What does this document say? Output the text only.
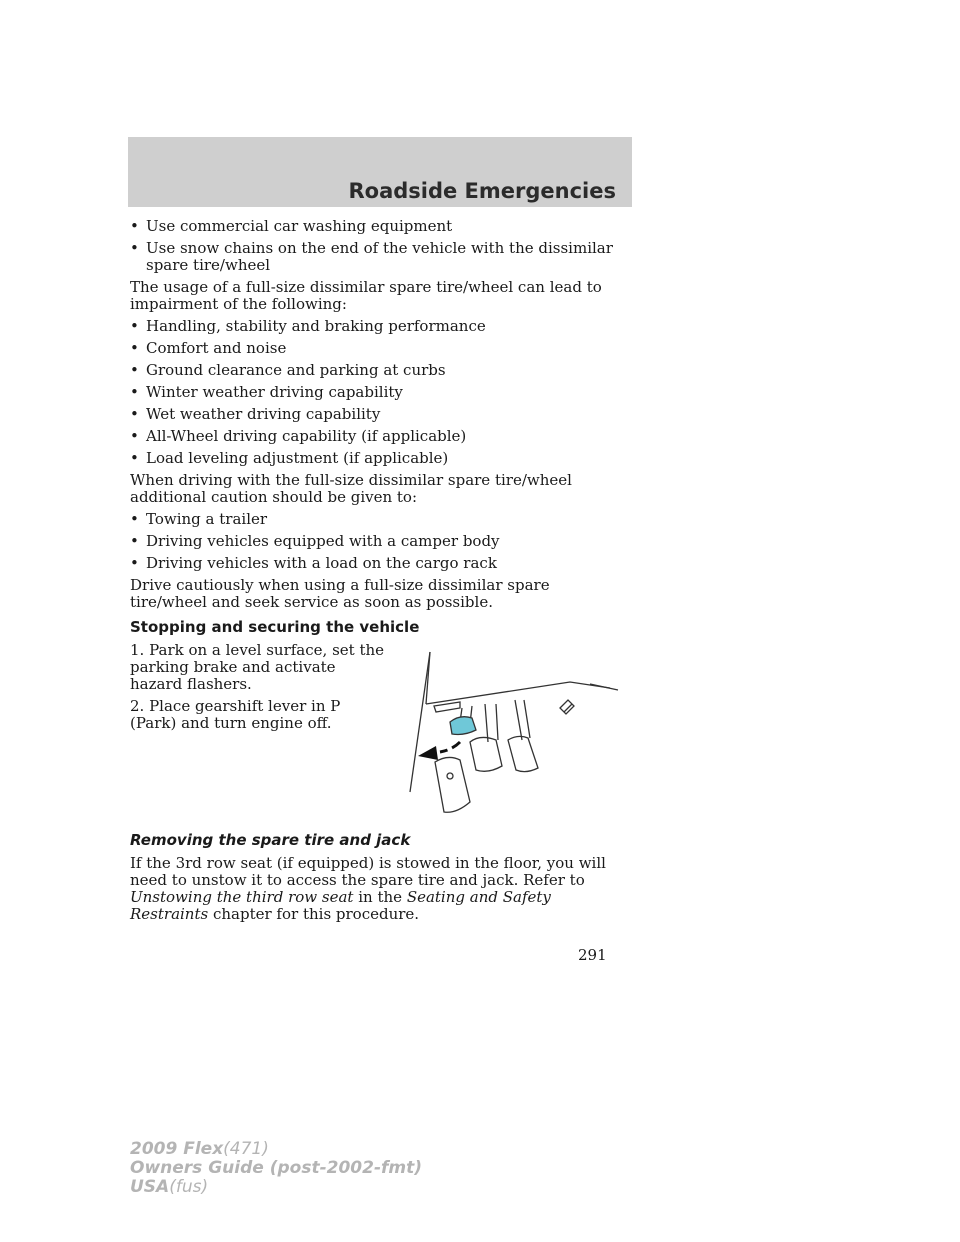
Roadside Emergencies
• Use commercial car washing equipment
• Use snow chains on the end of the vehicle with the dissimilar spare tire/wheel

The usage of a full-size dissimilar spare tire/wheel can lead to impairment of the following:

• Handling, stability and braking performance
• Comfort and noise
• Ground clearance and parking at curbs
• Winter weather driving capability
• Wet weather driving capability
• All-Wheel driving capability (if applicable)
• Load leveling adjustment (if applicable)

When driving with the full-size dissimilar spare tire/wheel additional caution should be given to:

• Towing a trailer
• Driving vehicles equipped with a camper body
• Driving vehicles with a load on the cargo rack

Drive cautiously when using a full-size dissimilar spare tire/wheel and seek service as soon as possible.

Stopping and securing the vehicle

1. Park on a level surface, set the parking brake and activate hazard flashers.

2. Place gearshift lever in P (Park) and turn engine off.

Removing the spare tire and jack

If the 3rd row seat (if equipped) is stowed in the floor, you will need to unstow it to access the spare tire and jack. Refer to Unstowing the third row seat in the Seating and Safety Restraints chapter for this procedure.

291
2009 Flex(471)
Owners Guide (post-2002-fmt)
USA(fus)
